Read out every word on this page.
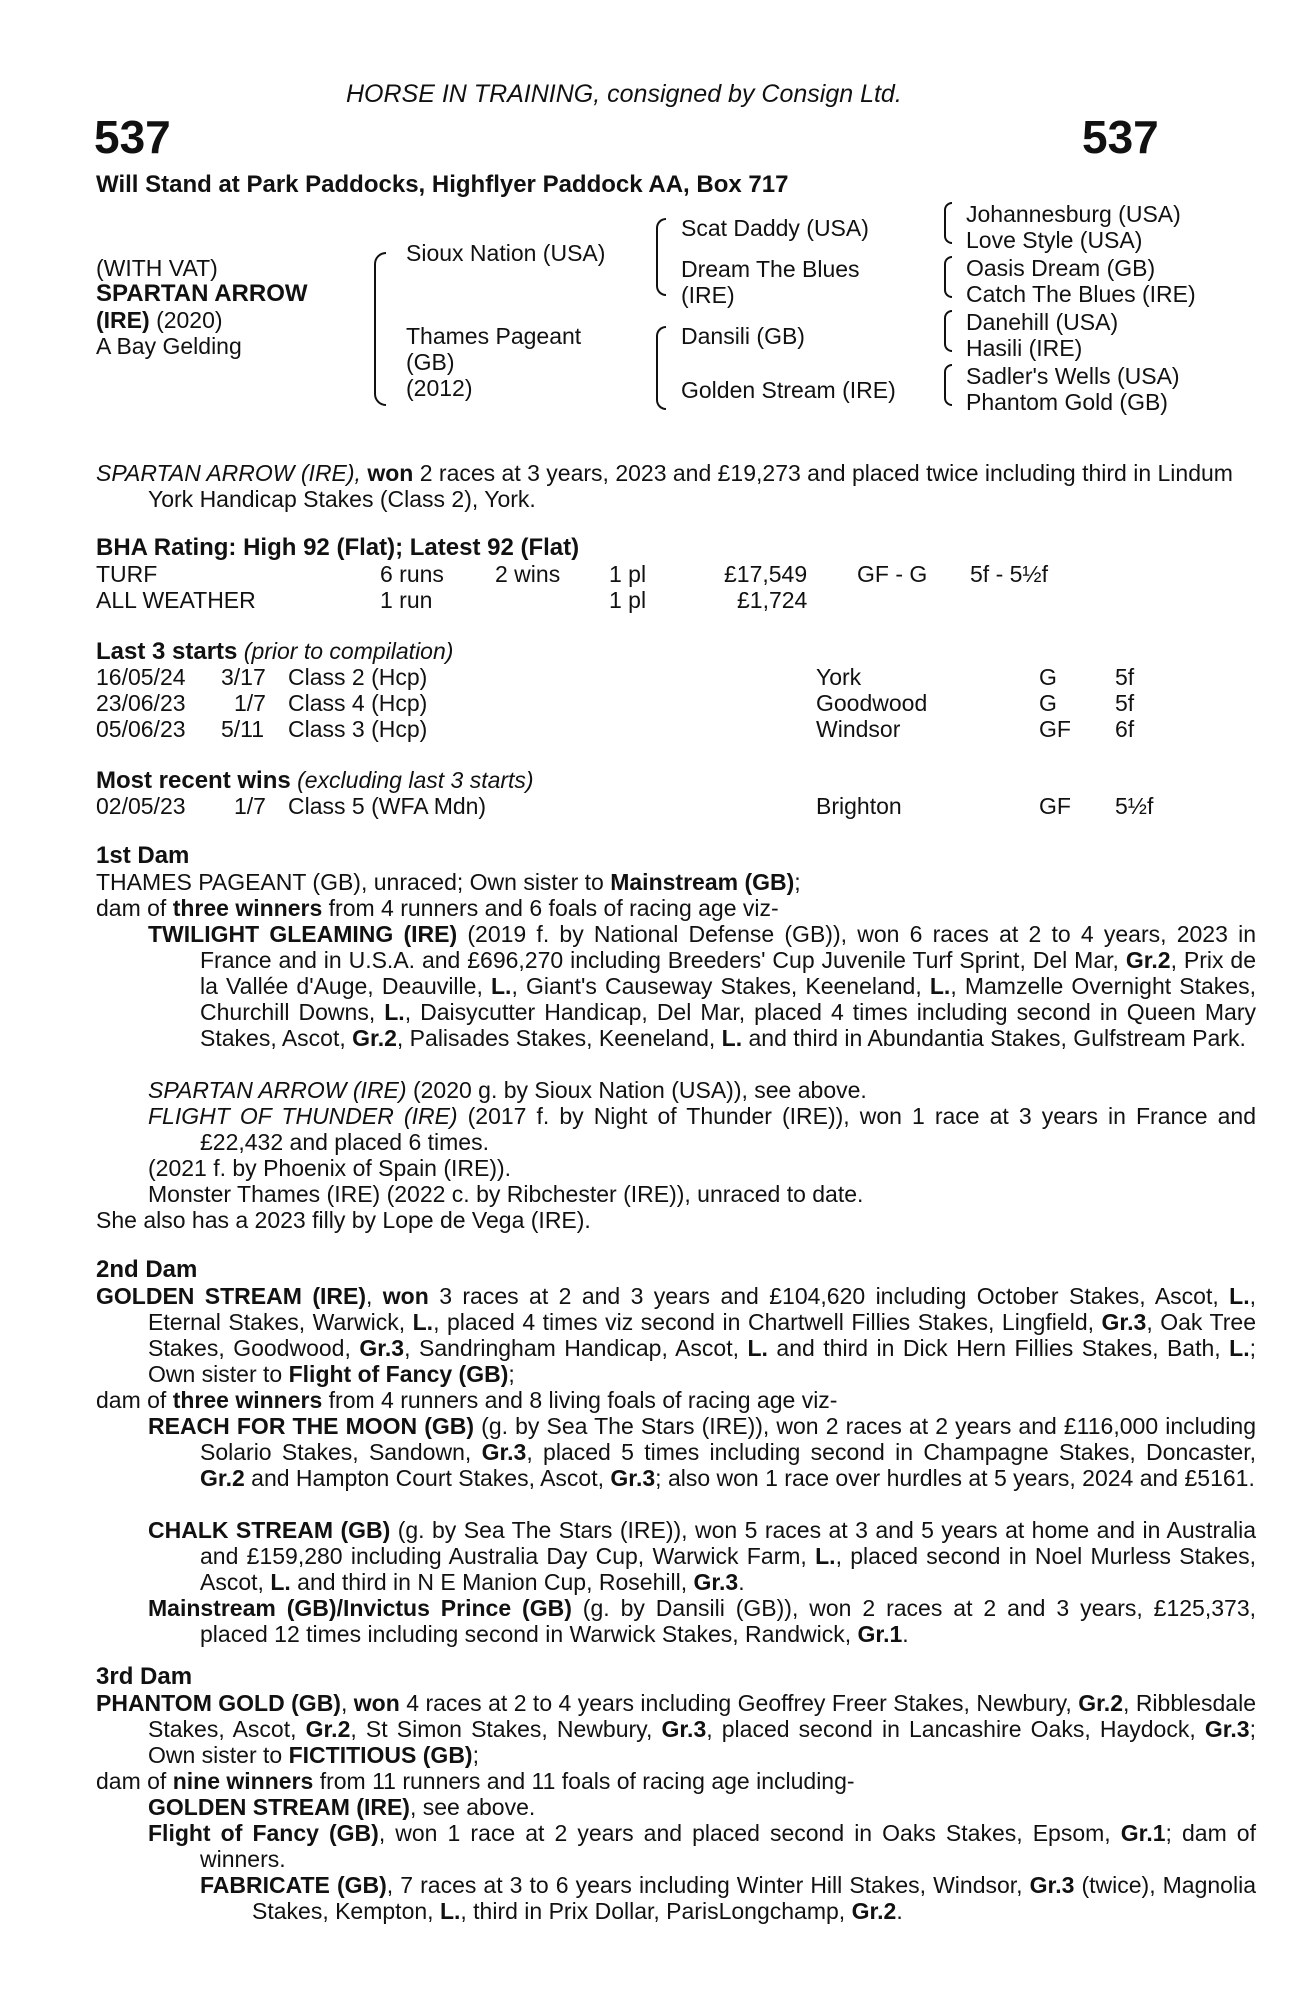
HORSE IN TRAINING, consigned by Consign Ltd.
537	537
Will Stand at Park Paddocks, Highflyer Paddock AA, Box 717
(WITH VAT)
SPARTAN ARROW
(IRE) (2020)
A Bay Gelding
Sioux Nation (USA)
Thames Pageant
(GB)
(2012)
Scat Daddy (USA)
Dream The Blues
(IRE)
Dansili (GB)
Golden Stream (IRE)
Johannesburg (USA)
Love Style (USA)
Oasis Dream (GB)
Catch The Blues (IRE)
Danehill (USA)
Hasili (IRE)
Sadler's Wells (USA)
Phantom Gold (GB)
SPARTAN ARROW (IRE), won 2 races at 3 years, 2023 and £19,273 and placed twice including third in Lindum York Handicap Stakes (Class 2), York.
BHA Rating: High 92 (Flat); Latest 92 (Flat)
TURF	6 runs 2 wins 1 pl	£17,549 GF - G 5f - 5½f
ALL WEATHER	1 run	1 pl	£1,724
Last 3 starts (prior to compilation)
16/05/24 3/17 Class 2 (Hcp)	York	G	5f
23/06/23 1/7 Class 4 (Hcp)	Goodwood	G	5f
05/06/23 5/11 Class 3 (Hcp)	Windsor	GF 6f
Most recent wins (excluding last 3 starts)
02/05/23 1/7 Class 5 (WFA Mdn)	Brighton	GF 5½f
1st Dam
THAMES PAGEANT (GB), unraced; Own sister to Mainstream (GB);
dam of three winners from 4 runners and 6 foals of racing age viz-
TWILIGHT GLEAMING (IRE) (2019 f. by National Defense (GB)), won 6 races at 2 to 4 years, 2023 in France and in U.S.A. and £696,270 including Breeders' Cup Juvenile Turf Sprint, Del Mar, Gr.2, Prix de la Vallée d'Auge, Deauville, L., Giant's Causeway Stakes, Keeneland, L., Mamzelle Overnight Stakes, Churchill Downs, L., Daisycutter Handicap, Del Mar, placed 4 times including second in Queen Mary Stakes, Ascot, Gr.2, Palisades Stakes, Keeneland, L. and third in Abundantia Stakes, Gulfstream Park.
SPARTAN ARROW (IRE) (2020 g. by Sioux Nation (USA)), see above.
FLIGHT OF THUNDER (IRE) (2017 f. by Night of Thunder (IRE)), won 1 race at 3 years in France and £22,432 and placed 6 times.
(2021 f. by Phoenix of Spain (IRE)).
Monster Thames (IRE) (2022 c. by Ribchester (IRE)), unraced to date.
She also has a 2023 filly by Lope de Vega (IRE).
2nd Dam
GOLDEN STREAM (IRE), won 3 races at 2 and 3 years and £104,620 including October Stakes, Ascot, L., Eternal Stakes, Warwick, L., placed 4 times viz second in Chartwell Fillies Stakes, Lingfield, Gr.3, Oak Tree Stakes, Goodwood, Gr.3, Sandringham Handicap, Ascot, L. and third in Dick Hern Fillies Stakes, Bath, L.; Own sister to Flight of Fancy (GB);
dam of three winners from 4 runners and 8 living foals of racing age viz-
REACH FOR THE MOON (GB) (g. by Sea The Stars (IRE)), won 2 races at 2 years and £116,000 including Solario Stakes, Sandown, Gr.3, placed 5 times including second in Champagne Stakes, Doncaster, Gr.2 and Hampton Court Stakes, Ascot, Gr.3; also won 1 race over hurdles at 5 years, 2024 and £5161.
CHALK STREAM (GB) (g. by Sea The Stars (IRE)), won 5 races at 3 and 5 years at home and in Australia and £159,280 including Australia Day Cup, Warwick Farm, L., placed second in Noel Murless Stakes, Ascot, L. and third in N E Manion Cup, Rosehill, Gr.3.
Mainstream (GB)/Invictus Prince (GB) (g. by Dansili (GB)), won 2 races at 2 and 3 years, £125,373, placed 12 times including second in Warwick Stakes, Randwick, Gr.1.
3rd Dam
PHANTOM GOLD (GB), won 4 races at 2 to 4 years including Geoffrey Freer Stakes, Newbury, Gr.2, Ribblesdale Stakes, Ascot, Gr.2, St Simon Stakes, Newbury, Gr.3, placed second in Lancashire Oaks, Haydock, Gr.3; Own sister to FICTITIOUS (GB);
dam of nine winners from 11 runners and 11 foals of racing age including-
GOLDEN STREAM (IRE), see above.
Flight of Fancy (GB), won 1 race at 2 years and placed second in Oaks Stakes, Epsom, Gr.1; dam of winners.
FABRICATE (GB), 7 races at 3 to 6 years including Winter Hill Stakes, Windsor, Gr.3 (twice), Magnolia Stakes, Kempton, L., third in Prix Dollar, ParisLongchamp, Gr.2.
